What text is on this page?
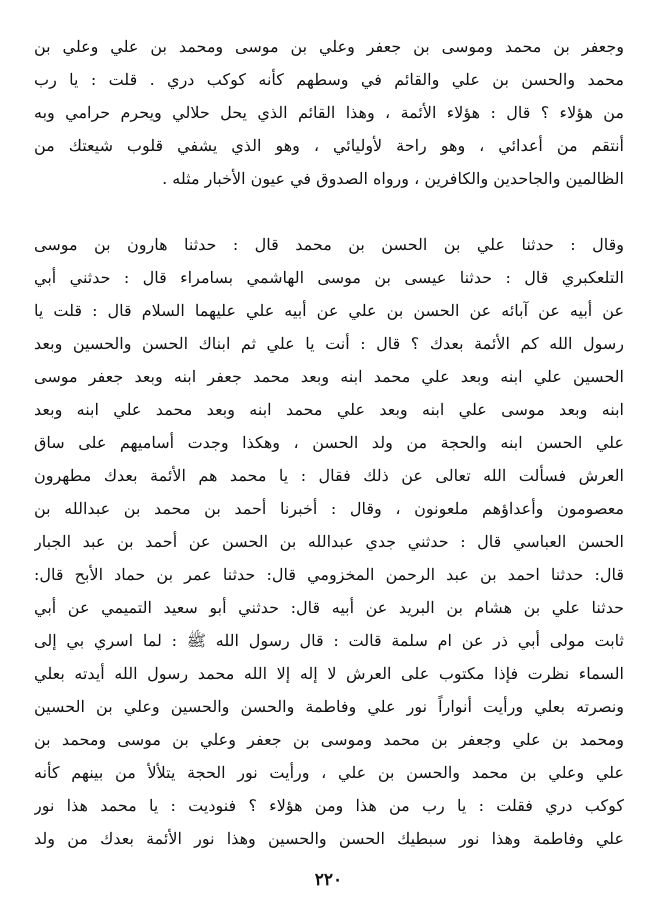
وجعفر بن محمد وموسى بن جعفر وعلي بن موسى ومحمد بن علي وعلي بن
محمد والحسن بن علي والقائم في وسطهم كأنه كوكب دري . قلت : يا رب
من هؤلاء ؟ قال : هؤلاء الأئمة ، وهذا القائم الذي يحل حلالي ويحرم حرامي وبه
أنتقم من أعدائي ، وهو راحة لأوليائي ، وهو الذي يشفي قلوب شيعتك من
الظالمين والجاحدين والكافرين ، ورواه الصدوق في عيون الأخبار مثله .
وقال : حدثنا علي بن الحسن بن محمد قال : حدثنا هارون بن موسى
التلعكبري قال : حدثنا عيسى بن موسى الهاشمي بسامراء قال : حدثني أبي
عن أبيه عن آبائه عن الحسن بن علي عن أبيه علي عليهما السلام قال : قلت يا
رسول الله كم الأئمة بعدك ؟ قال : أنت يا علي ثم ابناك الحسن والحسين وبعد
الحسين علي ابنه وبعد علي محمد ابنه وبعد محمد جعفر ابنه وبعد جعفر موسى
ابنه وبعد موسى علي ابنه وبعد علي محمد ابنه وبعد محمد علي ابنه وبعد
علي الحسن ابنه والحجة من ولد الحسن ، وهكذا وجدت أساميهم على ساق
العرش فسألت الله تعالى عن ذلك فقال : يا محمد هم الأئمة بعدك مطهرون
معصومون وأعداؤهم ملعونون ، وقال : أخبرنا أحمد بن محمد بن عبدالله بن
الحسن العباسي قال : حدثني جدي عبدالله بن الحسن عن أحمد بن عبد الجبار
قال: حدثنا احمد بن عبد الرحمن المخزومي قال: حدثنا عمر بن حماد الأبح قال:
حدثنا علي بن هشام بن البريد عن أبيه قال: حدثني أبو سعيد التميمي عن أبي
ثابت مولى أبي ذر عن ام سلمة قالت : قال رسول الله ﷺ : لما اسري بي إلى
السماء نظرت فإذا مكتوب على العرش لا إله إلا الله محمد رسول الله أيدته بعلي
ونصرته بعلي ورأيت أنواراً نور علي وفاطمة والحسن والحسين وعلي بن الحسين
ومحمد بن علي وجعفر بن محمد وموسى بن جعفر وعلي بن موسى ومحمد بن
علي وعلي بن محمد والحسن بن علي ، ورأيت نور الحجة يتلألأ من بينهم كأنه
كوكب دري فقلت : يا رب من هذا ومن هؤلاء ؟ فنوديت : يا محمد هذا نور
علي وفاطمة وهذا نور سبطيك الحسن والحسين وهذا نور الأئمة بعدك من ولد
٢٢٠
